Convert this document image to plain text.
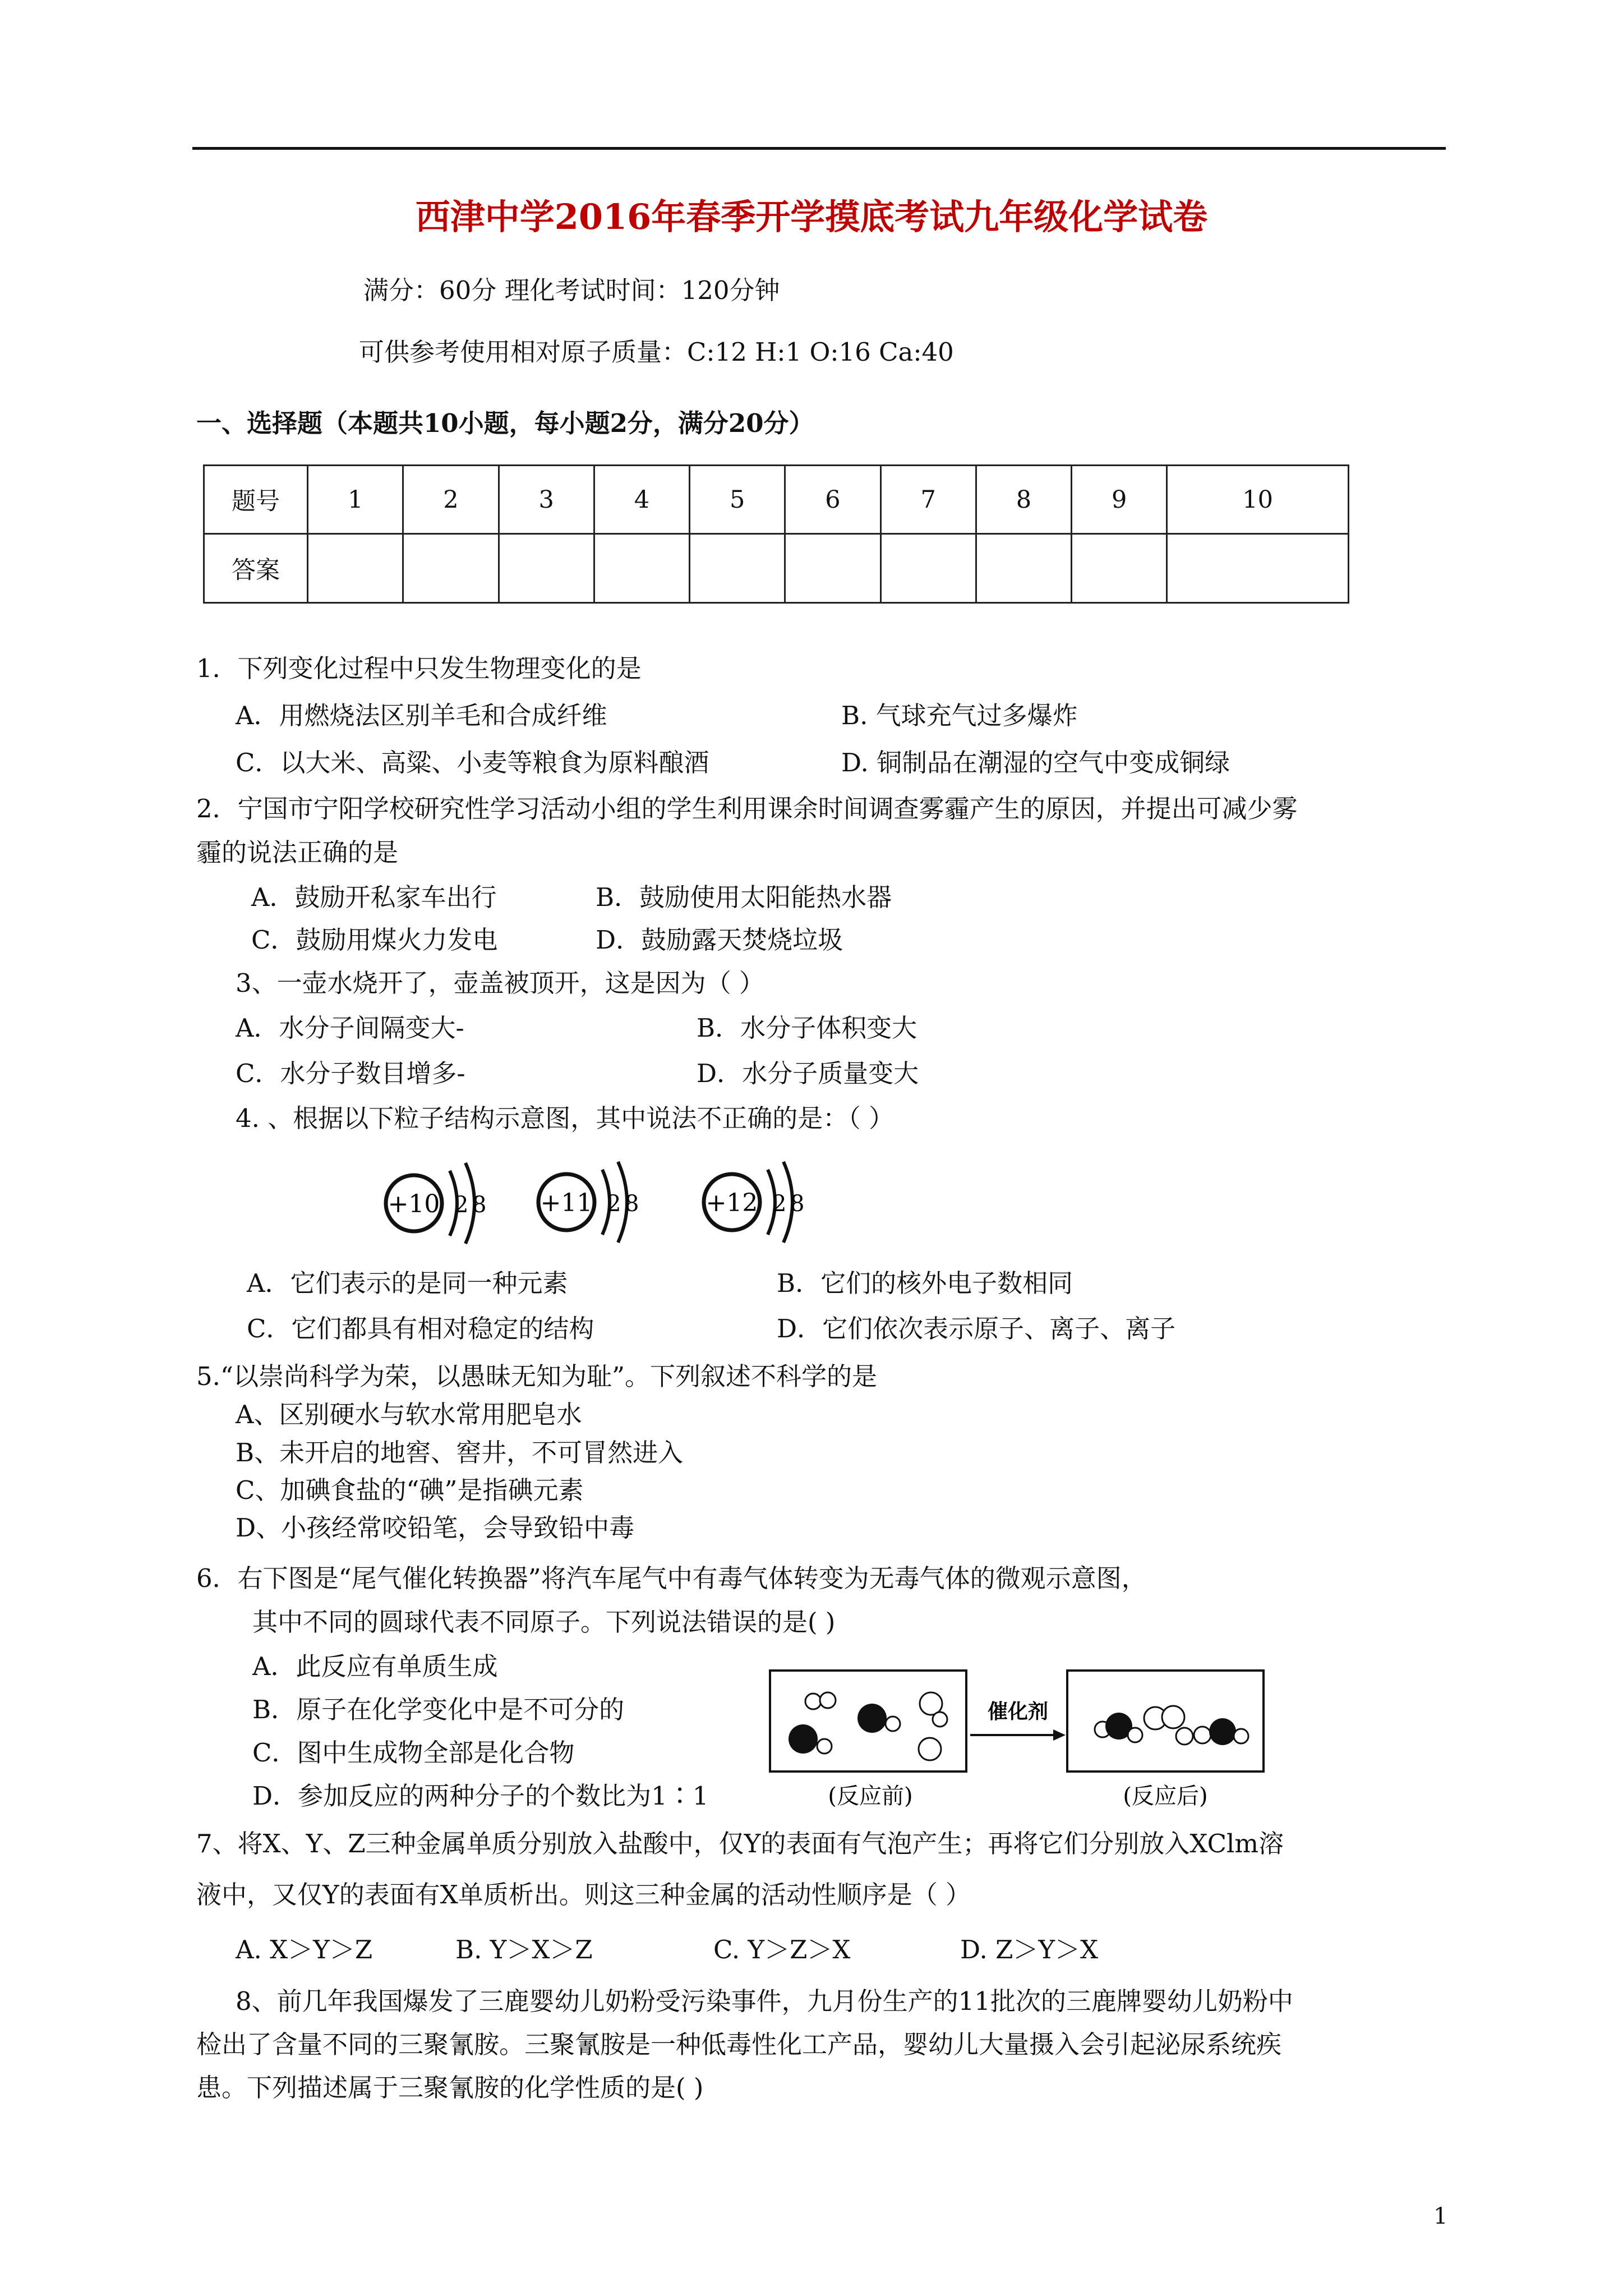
西津中学2016年春季开学摸底考试九年级化学试卷
满分：60分 理化考试时间：120分钟
可供参考使用相对原子质量：C:12 H:1 O:16 Ca:40
一、选择题（本题共10小题，每小题2分，满分20分）
题号	1	2	3	4	5	6	7	8	9	10
答案										
1．下列变化过程中只发生物理变化的是
A．用燃烧法区别羊毛和合成纤维	B. 气球充气过多爆炸
C．以大米、高粱、小麦等粮食为原料酿酒	D. 铜制品在潮湿的空气中变成铜绿
2．宁国市宁阳学校研究性学习活动小组的学生利用课余时间调查雾霾产生的原因，并提出可减少雾
霾的说法正确的是
A．鼓励开私家车出行	B．鼓励使用太阳能热水器
C．鼓励用煤火力发电	D．鼓励露天焚烧垃圾
3、一壶水烧开了，壶盖被顶开，这是因为（ ）
A．水分子间隔变大-	B．水分子体积变大
C．水分子数目增多-	D．水分子质量变大
4. 、根据以下粒子结构示意图，其中说法不正确的是：（ ）
+10 2 8 +11 2 8	+12 2 8
A．它们表示的是同一种元素	B．它们的核外电子数相同
C．它们都具有相对稳定的结构	D．它们依次表示原子、离子、离子
5.“以崇尚科学为荣，以愚昧无知为耻”。下列叙述不科学的是
A、区别硬水与软水常用肥皂水
B、未开启的地窖、窖井，不可冒然进入
C、加碘食盐的“碘”是指碘元素
D、小孩经常咬铅笔，会导致铅中毒
6．右下图是“尾气催化转换器”将汽车尾气中有毒气体转变为无毒气体的微观示意图，
其中不同的圆球代表不同原子。下列说法错误的是( )
A．此反应有单质生成
B．原子在化学变化中是不可分的
C．图中生成物全部是化合物
D．参加反应的两种分子的个数比为1∶1
催化剂
(反应前)	(反应后)
7、将X、Y、Z三种金属单质分别放入盐酸中，仅Y的表面有气泡产生；再将它们分别放入XClm溶
液中，又仅Y的表面有X单质析出。则这三种金属的活动性顺序是（ ）
A. X＞Y＞Z	B. Y＞X＞Z	C. Y＞Z＞X	D. Z＞Y＞X
8、前几年我国爆发了三鹿婴幼儿奶粉受污染事件，九月份生产的11批次的三鹿牌婴幼儿奶粉中
检出了含量不同的三聚氰胺。三聚氰胺是一种低毒性化工产品，婴幼儿大量摄入会引起泌尿系统疾
患。下列描述属于三聚氰胺的化学性质的是( )
1
